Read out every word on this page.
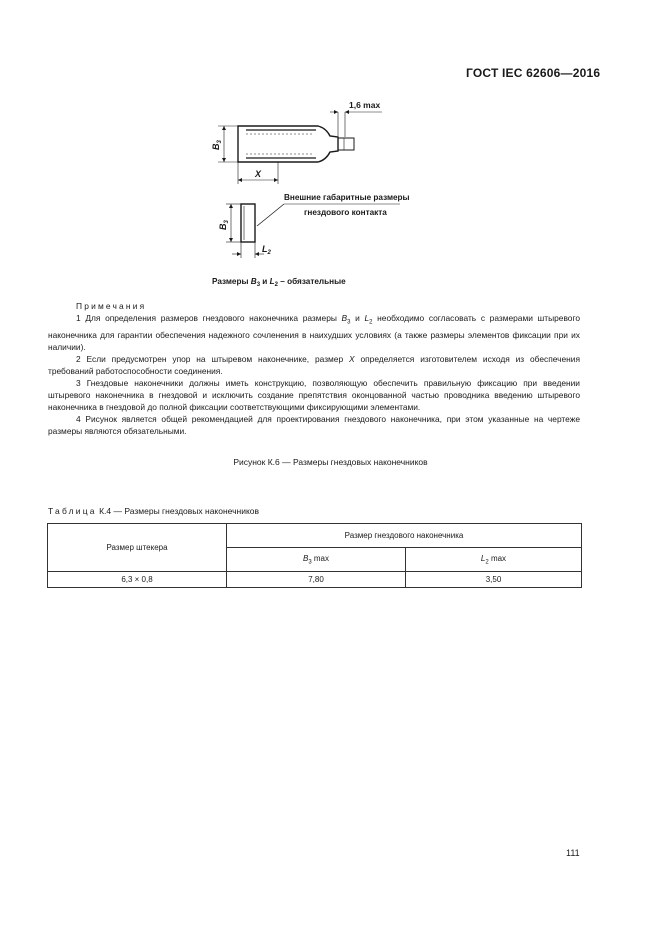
ГОСТ IEC 62606—2016
1,6 max
$B_3$
X
$B_3$
$L_2$
Внешние габаритные размеры
гнездового контакта
Размеры $B_3$ и $L_2$ – обязательные

Примечания

1 Для определения размеров гнездового наконечника размеры $B_3$ и $L_2$ необходимо согласовать с размерами штыревого наконечника для гарантии обеспечения надежного сочленения в наихудших условиях (а также размеры элементов фиксации при их наличии).

2 Если предусмотрен упор на штыревом наконечнике, размер X определяется изготовителем исходя из обеспечения требований работоспособности соединения.

3 Гнездовые наконечники должны иметь конструкцию, позволяющую обеспечить правильную фиксацию при введении штыревого наконечника в гнездовой и исключить создание препятствия оконцованной частью проводника введению штыревого наконечника в гнездовой до полной фиксации соответствующими фиксирующими элементами.

4 Рисунок является общей рекомендацией для проектирования гнездового наконечника, при этом указанные на чертеже размеры являются обязательными.

Рисунок К.6 — Размеры гнездовых наконечников
Таблица К.4 — Размеры гнездовых наконечников
Размер штекера	Размер гнездового наконечника	
	$B_3$ max	$L_2$ max
6,3 × 0,8	7,80	3,50
111
